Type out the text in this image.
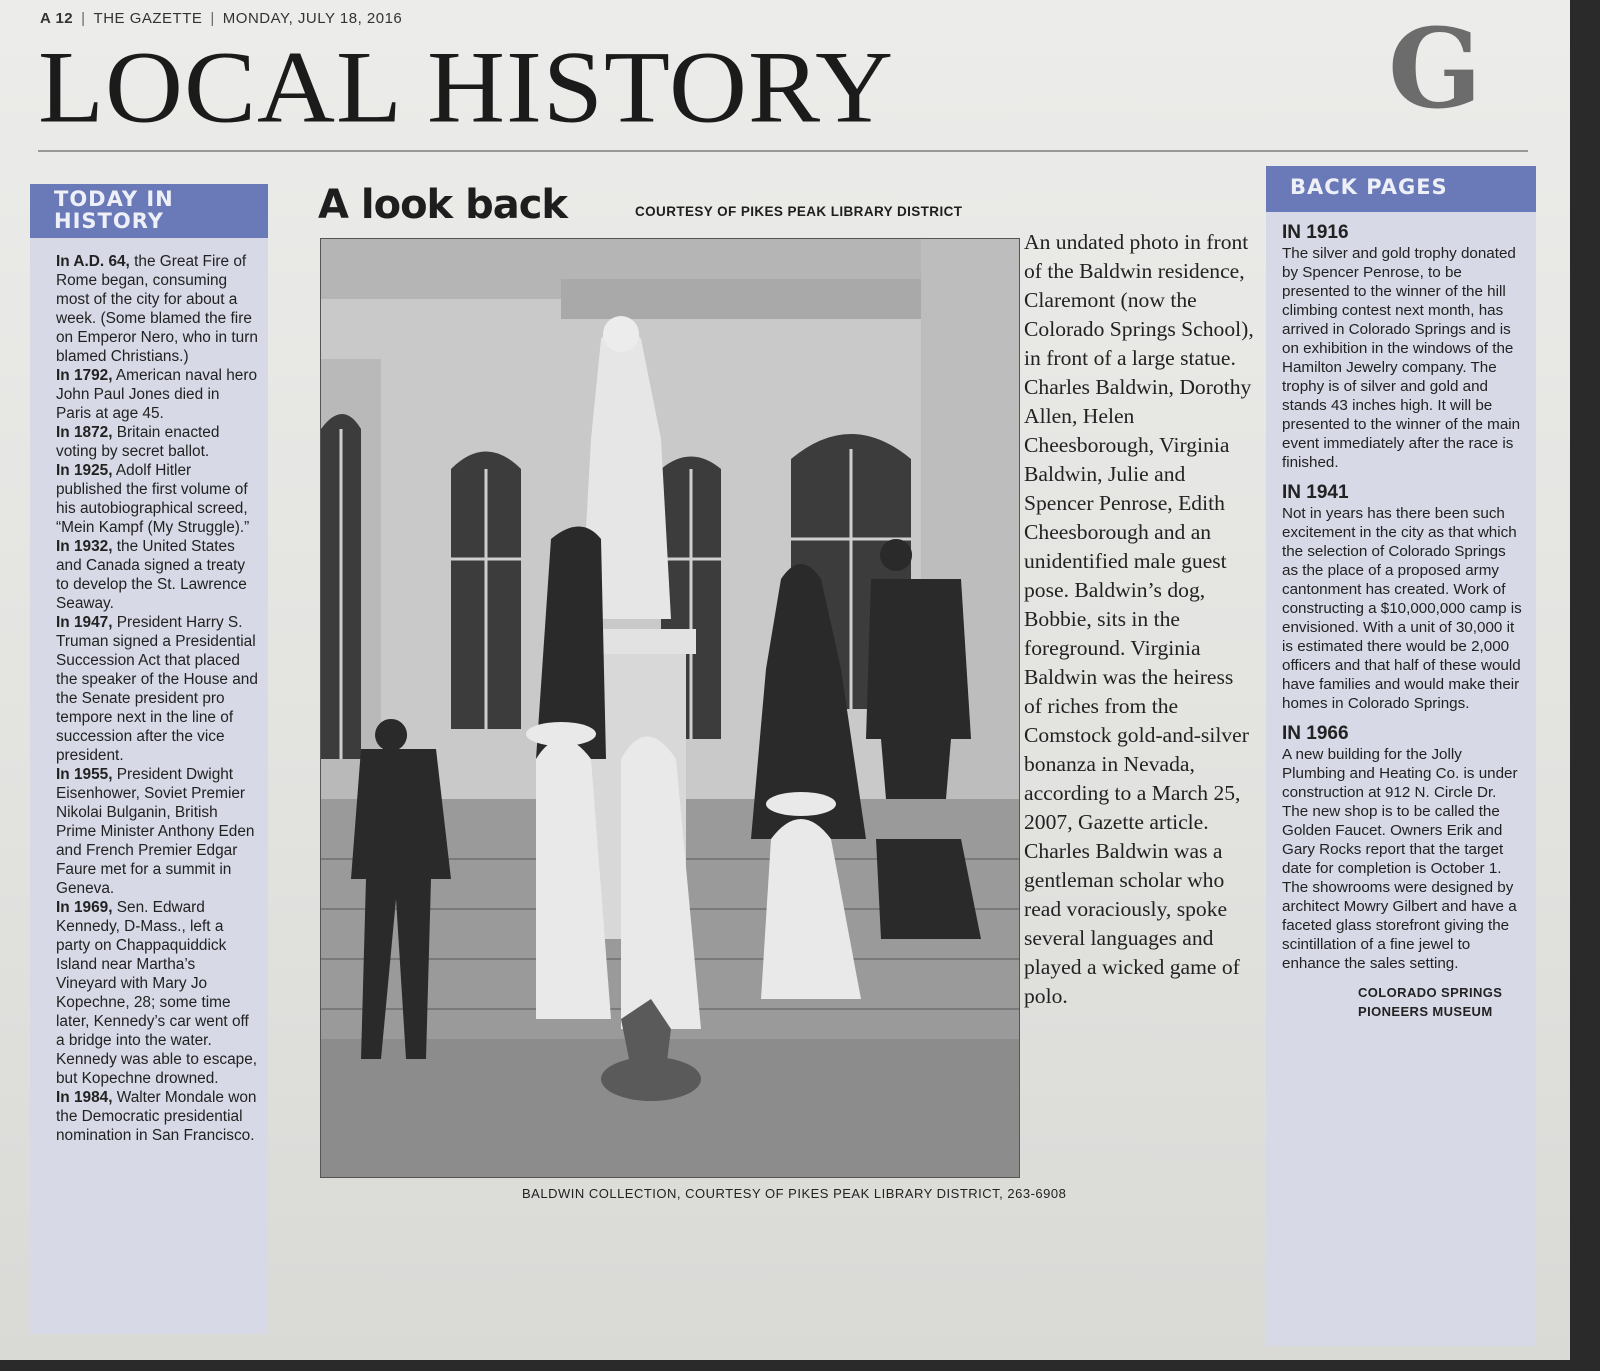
A 12 | THE GAZETTE | MONDAY, JULY 18, 2016
LOCAL HISTORY	G
TODAY IN
HISTORY

In A.D. 64, the Great Fire of Rome began, consuming most of the city for about a week. (Some blamed the fire on Emperor Nero, who in turn blamed Christians.)

In 1792, American naval hero John Paul Jones died in Paris at age 45.

In 1872, Britain enacted voting by secret ballot.

In 1925, Adolf Hitler published the first volume of his autobiographical screed, “Mein Kampf (My Struggle).”

In 1932, the United States and Canada signed a treaty to develop the St. Lawrence Seaway.

In 1947, President Harry S. Truman signed a Presidential Succession Act that placed the speaker of the House and the Senate president pro tempore next in the line of succession after the vice president.

In 1955, President Dwight Eisenhower, Soviet Premier Nikolai Bulganin, British Prime Minister Anthony Eden and French Premier Edgar Faure met for a summit in Geneva.

In 1969, Sen. Edward Kennedy, D-Mass., left a party on Chappaquiddick Island near Martha’s Vineyard with Mary Jo Kopechne, 28; some time later, Kennedy’s car went off a bridge into the water. Kennedy was able to escape, but Kopechne drowned.

In 1984, Walter Mondale won the Democratic presidential nomination in San Francisco.

A look back	COURTESY OF PIKES PEAK LIBRARY DISTRICT
BALDWIN COLLECTION, COURTESY OF PIKES PEAK LIBRARY DISTRICT, 263-6908
An undated photo in front of the Baldwin residence, Claremont (now the Colorado Springs School), in front of a large statue. Charles Baldwin, Dorothy Allen, Helen Cheesborough, Virginia Baldwin, Julie and Spencer Penrose, Edith Cheesborough and an unidentified male guest pose. Baldwin’s dog, Bobbie, sits in the foreground. Virginia Baldwin was the heiress of riches from the Comstock gold-and-silver bonanza in Nevada, according to a March 25, 2007, Gazette article. Charles Baldwin was a gentleman scholar who read voraciously, spoke several languages and played a wicked game of polo.
BACK PAGES
IN 1916
The silver and gold trophy donated by Spencer Penrose, to be presented to the winner of the hill climbing contest next month, has arrived in Colorado Springs and is on exhibition in the windows of the Hamilton Jewelry company. The trophy is of silver and gold and stands 43 inches high. It will be presented to the winner of the main event immediately after the race is finished.
IN 1941
Not in years has there been such excitement in the city as that which the selection of Colorado Springs as the place of a proposed army cantonment has created. Work of constructing a $10,000,000 camp is envisioned. With a unit of 30,000 it is estimated there would be 2,000 officers and that half of these would have families and would make their homes in Colorado Springs.
IN 1966
A new building for the Jolly Plumbing and Heating Co. is under construction at 912 N. Circle Dr. The new shop is to be called the Golden Faucet. Owners Erik and Gary Rocks report that the target date for completion is October 1. The showrooms were designed by architect Mowry Gilbert and have a faceted glass storefront giving the scintillation of a fine jewel to enhance the sales setting.
COLORADO SPRINGS
PIONEERS MUSEUM
